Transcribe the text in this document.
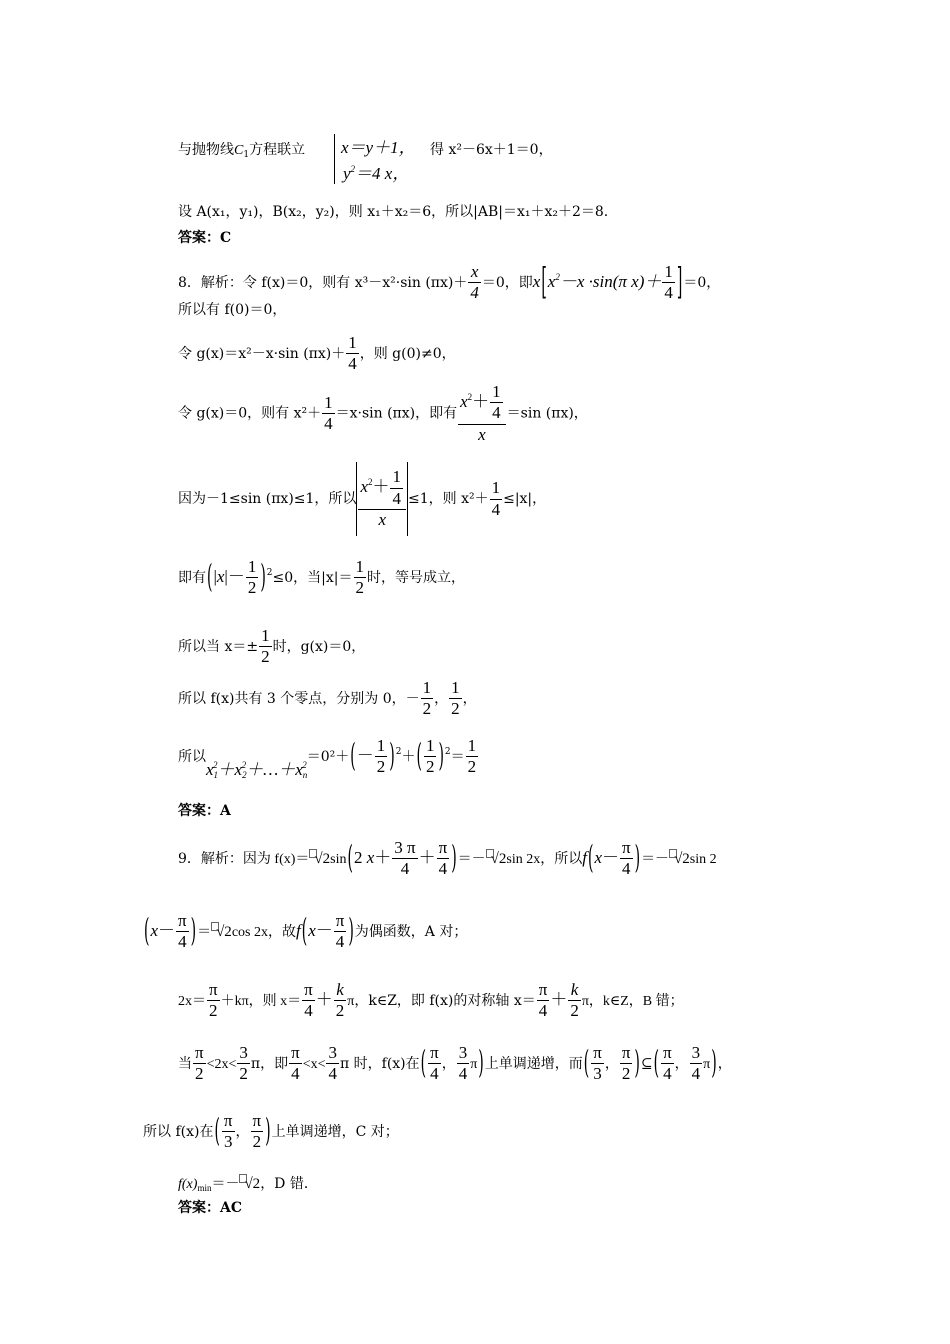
与抛物线$C_1$方程联立 x＝y＋1，
$y^2=4$ x，
得 x²－6x＋1＝0，
设 A(x₁，y₁)，B(x₂，y₂)，则 x₁＋x₂＝6，所以|AB|＝x₁＋x₂＋2＝8.
答案：C
8．解析：令 f(x)＝0，则有 x³－x²·sin $(\pi x)+ \frac{x}{4} =0$，即$x[x^2-x \cdot\sin(\pi$ $x)+ \frac{1}{4} ]=0$，
所以有 f(0)＝0，
令 g(x)＝x²－x·sin $(\pi x)+ \frac{1}{4}$ ，则 g(0)≠0，
令 g(x)＝0，则有 $x^2+ \frac{1}{4} =x\cdot\sin$ (πx)，即有 $\frac{x^2+ \frac{1}{4}}{x} =\sin$ (πx)，
因为－1≤sin (πx)≤1，所以 $\frac{x^2+ \frac{1}{4}}{x} \le 1$，则 $x^2+ \frac{1}{4} \le|x|$，
即有$(|x|- \frac{1}{2} )^2\le 0$，当$|x|= \frac{1}{2}$ 时，等号成立，
所以当 $x=\pm \frac{1}{2}$ 时，g(x)＝0，
所以 f(x)共有 3 个零点，分别为 0，－ $\frac{1}{2}$ ， $\frac{1}{2}$ ，
所以$x_1^2+x_2^2+\dots+x_n^2=0^2+(- \frac{1}{2} )^2+( \frac{1}{2} )^2= \frac{1}{2}$
答案：A
9．解析：因为 f(x)＝ √2sin(2 $x+ \frac{3 \pi}{4} + \frac{\pi}{4}$ )＝－ √2sin 2x，所以$f(x- \frac{\pi}{4}$ )＝－ √2sin 2
($x- \frac{\pi}{4}$ )＝ √2cos 2x，故$f(x- \frac{\pi}{4}$ )为偶函数，A 对；
$2x= \frac{\pi}{2} +k\pi$，则 $x= \frac{\pi}{4} + \frac{k}{2}$ π，k∈Z，即 f(x)的对称轴 $x= \frac{\pi}{4} + \frac{k}{2}$ π，k∈Z，B 错；
当 $\frac{\pi}{2} <2x< \frac{3}{2}$ π，即 $\frac{\pi}{4} <x< \frac{3}{4}$ π 时，f(x)在( $\frac{\pi}{4}$ ， $\frac{3}{4} \pi$)上单调递增，而( $\frac{\pi}{3}$ ， $\frac{\pi}{2}$ )⊆( $\frac{\pi}{4}$ ， $\frac{3}{4} \pi$)，
所以 f(x)在( $\frac{\pi}{3}$ ， $\frac{\pi}{2}$ )上单调递增，C 对；
$f(x)_{min}=- √2$，D 错．
答案：AC
